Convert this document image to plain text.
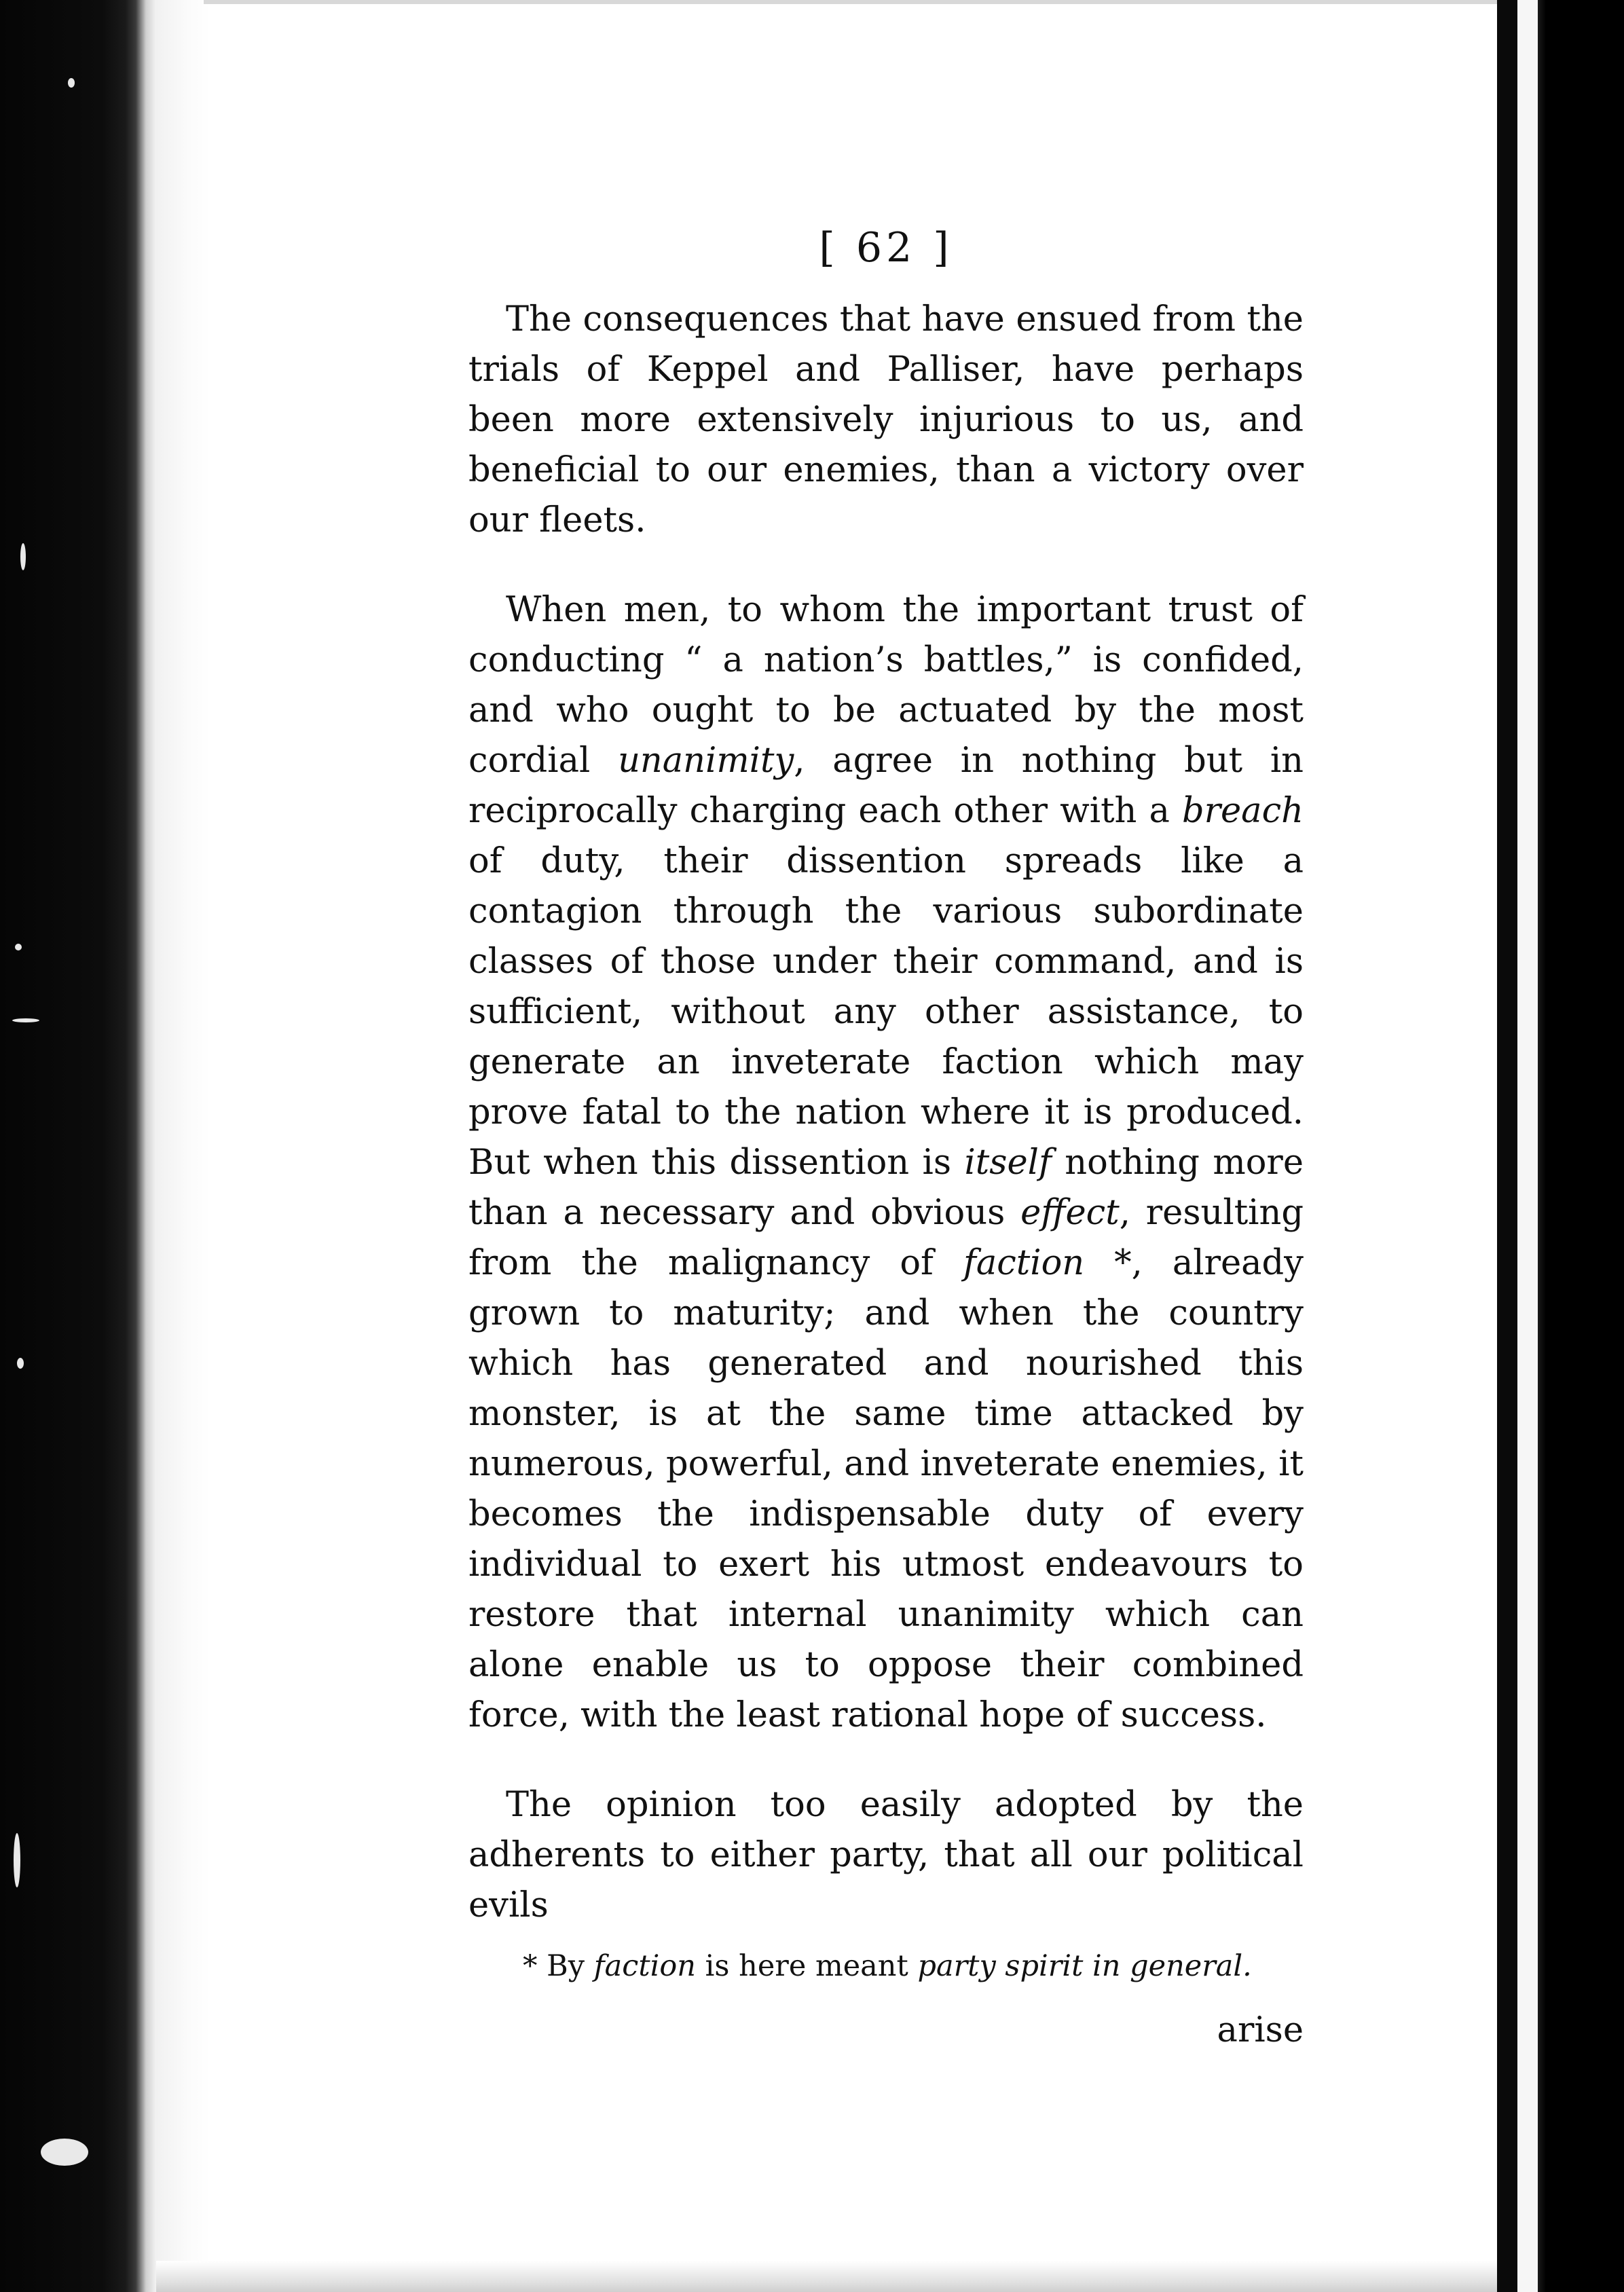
[ 62 ]

The consequences that have ensued from the trials of Keppel and Palliser, have perhaps been more extensively injurious to us, and beneficial to our enemies, than a victory over our fleets.

When men, to whom the important trust of conducting “ a nation’s battles,” is confided, and who ought to be actuated by the most cordial unanimity, agree in nothing but in reciprocally charging each other with a breach of duty, their dissention spreads like a contagion through the various subordinate classes of those under their command, and is sufficient, without any other assistance, to generate an inveterate faction which may prove fatal to the nation where it is produced. But when this dissention is itself nothing more than a necessary and obvious effect, resulting from the malignancy of faction *, already grown to maturity; and when the country which has generated and nourished this monster, is at the same time attacked by numerous, powerful, and inveterate enemies, it becomes the indispensable duty of every individual to exert his utmost endeavours to restore that internal unanimity which can alone enable us to oppose their combined force, with the least rational hope of success.

The opinion too easily adopted by the adherents to either party, that all our political evils

* By faction is here meant party spirit in general.

arise
